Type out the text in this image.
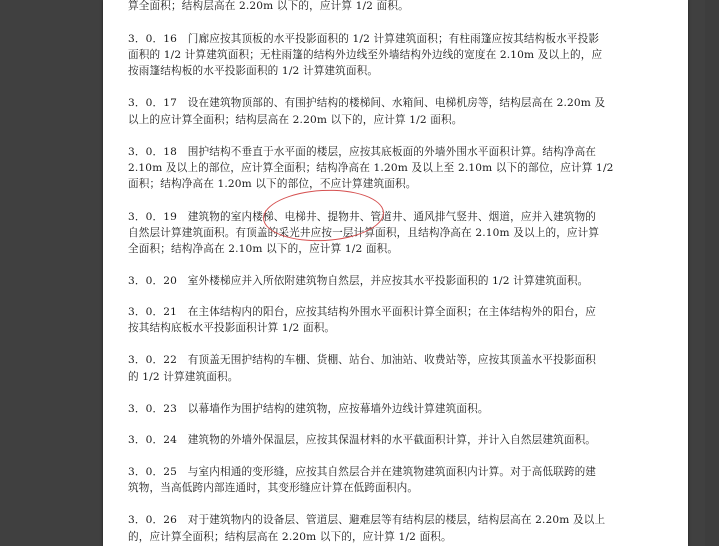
算全面积；结构层高在 2.20m 以下的，应计算 1/2 面积。
3．0．16　门廊应按其顶板的水平投影面积的 1/2 计算建筑面积；有柱雨篷应按其结构板水平投影
面积的 1/2 计算建筑面积；无柱雨篷的结构外边线至外墙结构外边线的宽度在 2.10m 及以上的，应
按雨篷结构板的水平投影面积的 1/2 计算建筑面积。
3．0．17　设在建筑物顶部的、有围护结构的楼梯间、水箱间、电梯机房等，结构层高在 2.20m 及
以上的应计算全面积；结构层高在 2.20m 以下的，应计算 1/2 面积。
3．0．18　围护结构不垂直于水平面的楼层，应按其底板面的外墙外围水平面积计算。结构净高在
2.10m 及以上的部位，应计算全面积；结构净高在 1.20m 及以上至 2.10m 以下的部位，应计算 1/2
面积；结构净高在 1.20m 以下的部位，不应计算建筑面积。
3．0．19　建筑物的室内楼梯、电梯井、提物井、管道井、通风排气竖井、烟道，应并入建筑物的
自然层计算建筑面积。有顶盖的采光井应按一层计算面积，且结构净高在 2.10m 及以上的，应计算
全面积；结构净高在 2.10m 以下的，应计算 1/2 面积。
3．0．20　室外楼梯应并入所依附建筑物自然层，并应按其水平投影面积的 1/2 计算建筑面积。
3．0．21　在主体结构内的阳台，应按其结构外围水平面积计算全面积；在主体结构外的阳台，应
按其结构底板水平投影面积计算 1/2 面积。
3．0．22　有顶盖无围护结构的车棚、货棚、站台、加油站、收费站等，应按其顶盖水平投影面积
的 1/2 计算建筑面积。
3．0．23　以幕墙作为围护结构的建筑物，应按幕墙外边线计算建筑面积。
3．0．24　建筑物的外墙外保温层，应按其保温材料的水平截面积计算，并计入自然层建筑面积。
3．0．25　与室内相通的变形缝，应按其自然层合并在建筑物建筑面积内计算。对于高低联跨的建
筑物，当高低跨内部连通时，其变形缝应计算在低跨面积内。
3．0．26　对于建筑物内的设备层、管道层、避难层等有结构层的楼层，结构层高在 2.20m 及以上
的，应计算全面积；结构层高在 2.20m 以下的，应计算 1/2 面积。
